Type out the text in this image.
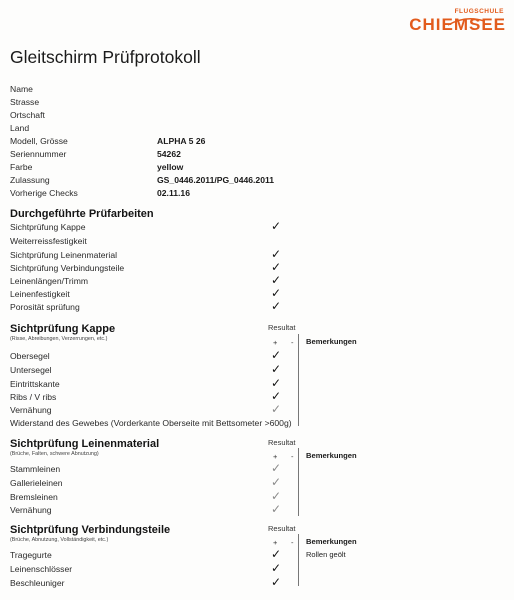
FLUGSCHULE
CHIEMSEE
Gleitschirm Prüfprotokoll
Name
Strasse
Ortschaft
Land
Modell, Grösse	ALPHA 5 26
Seriennummer	54262
Farbe	yellow
Zulassung	GS_0446.2011/PG_0446.2011
Vorherige Checks	02.11.16
Durchgeführte Prüfarbeiten
Sichtprüfung Kappe	✓
Weiterreissfestigkeit
Sichtprüfung Leinenmaterial	✓
Sichtprüfung Verbindungsteile	✓
Leinenlängen/Trimm	✓
Leinenfestigkeit	✓
Porosität sprüfung	✓
Sichtprüfung Kappe
(Risse, Abreibungen, Verzerrungen, etc.)
Resultat
+ - Bemerkungen
Obersegel	✓
Untersegel	✓
Eintrittskante	✓
Ribs / V ribs	✓
Vernähung	✓
Widerstand des Gewebes (Vorderkante Oberseite mit Bettsometer >600g)
Sichtprüfung Leinenmaterial
(Brüche, Falten, schwere Abnutzung)
Resultat
+ - Bemerkungen
Stammleinen	✓
Gallerieleinen	✓
Bremsleinen	✓
Vernähung	✓
Sichtprüfung Verbindungsteile
(Brüche, Abnutzung, Vollständigkeit, etc.)
Resultat
+ - Bemerkungen
Tragegurte	✓	Rollen geölt
Leinenschlösser	✓
Beschleuniger	✓
